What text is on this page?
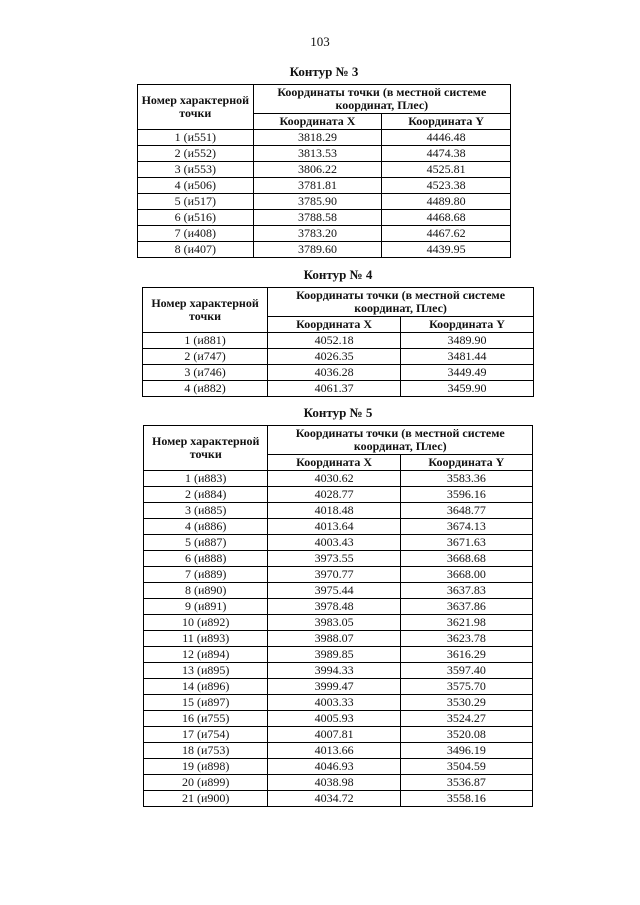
103
Контур № 3
Номер характерной точки	Координаты точки (в местной системе координат, Плес)	
	Координата X	Координата Y
1 (и551)	3818.29	4446.48
2 (и552)	3813.53	4474.38
3 (и553)	3806.22	4525.81
4 (и506)	3781.81	4523.38
5 (и517)	3785.90	4489.80
6 (и516)	3788.58	4468.68
7 (и408)	3783.20	4467.62
8 (и407)	3789.60	4439.95
Контур № 4
Номер характерной точки	Координаты точки (в местной системе координат, Плес)	
	Координата X	Координата Y
1 (и881)	4052.18	3489.90
2 (и747)	4026.35	3481.44
3 (и746)	4036.28	3449.49
4 (и882)	4061.37	3459.90
Контур № 5
Номер характерной точки	Координаты точки (в местной системе координат, Плес)	
	Координата X	Координата Y
1 (и883)	4030.62	3583.36
2 (и884)	4028.77	3596.16
3 (и885)	4018.48	3648.77
4 (и886)	4013.64	3674.13
5 (и887)	4003.43	3671.63
6 (и888)	3973.55	3668.68
7 (и889)	3970.77	3668.00
8 (и890)	3975.44	3637.83
9 (и891)	3978.48	3637.86
10 (и892)	3983.05	3621.98
11 (и893)	3988.07	3623.78
12 (и894)	3989.85	3616.29
13 (и895)	3994.33	3597.40
14 (и896)	3999.47	3575.70
15 (и897)	4003.33	3530.29
16 (и755)	4005.93	3524.27
17 (и754)	4007.81	3520.08
18 (и753)	4013.66	3496.19
19 (и898)	4046.93	3504.59
20 (и899)	4038.98	3536.87
21 (и900)	4034.72	3558.16
